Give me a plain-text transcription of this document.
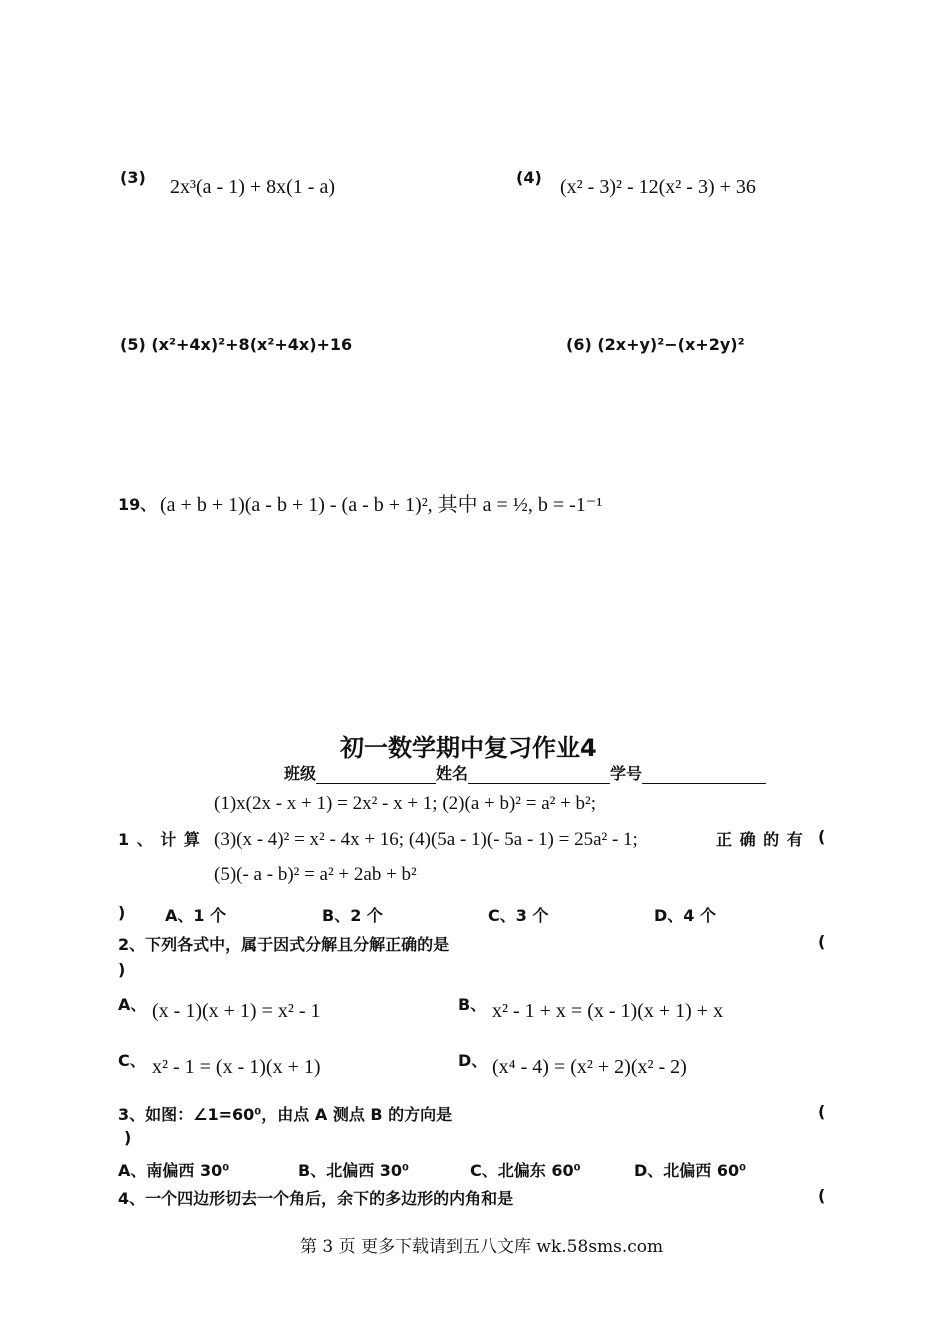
(3) 2x³(a - 1) + 8x(1 - a)	(4) (x² - 3)² - 12(x² - 3) + 36
(5) (x²+4x)²+8(x²+4x)+16	(6) (2x+y)²−(x+2y)²
19、 (a + b + 1)(a - b + 1) - (a - b + 1)², 其中 a = ½, b = -1⁻¹
初一数学期中复习作业4
班级	姓名	学号
(1)x(2x - x + 1) = 2x² - x + 1; (2)(a + b)² = a² + b²;
1 、 计 算 (3)(x - 4)² = x² - 4x + 16; (4)(5a - 1)(- 5a - 1) = 25a² - 1;	正 确 的 有 (
(5)(- a - b)² = a² + 2ab + b²
) A、1 个	B、2 个	C、3 个	D、4 个
2、下列各式中，属于因式分解且分解正确的是	(
)
A、 (x - 1)(x + 1) = x² - 1	B、 x² - 1 + x = (x - 1)(x + 1) + x
C、 x² - 1 = (x - 1)(x + 1)	D、 (x⁴ - 4) = (x² + 2)(x² - 2)
3、如图：∠1=60⁰，由点 A 测点 B 的方向是	(
)
A、南偏西 30⁰	B、北偏西 30⁰	C、北偏东 60⁰	D、北偏西 60⁰
4、一个四边形切去一个角后，余下的多边形的内角和是	(
第 3 页 更多下载请到五八文库 wk.58sms.com
